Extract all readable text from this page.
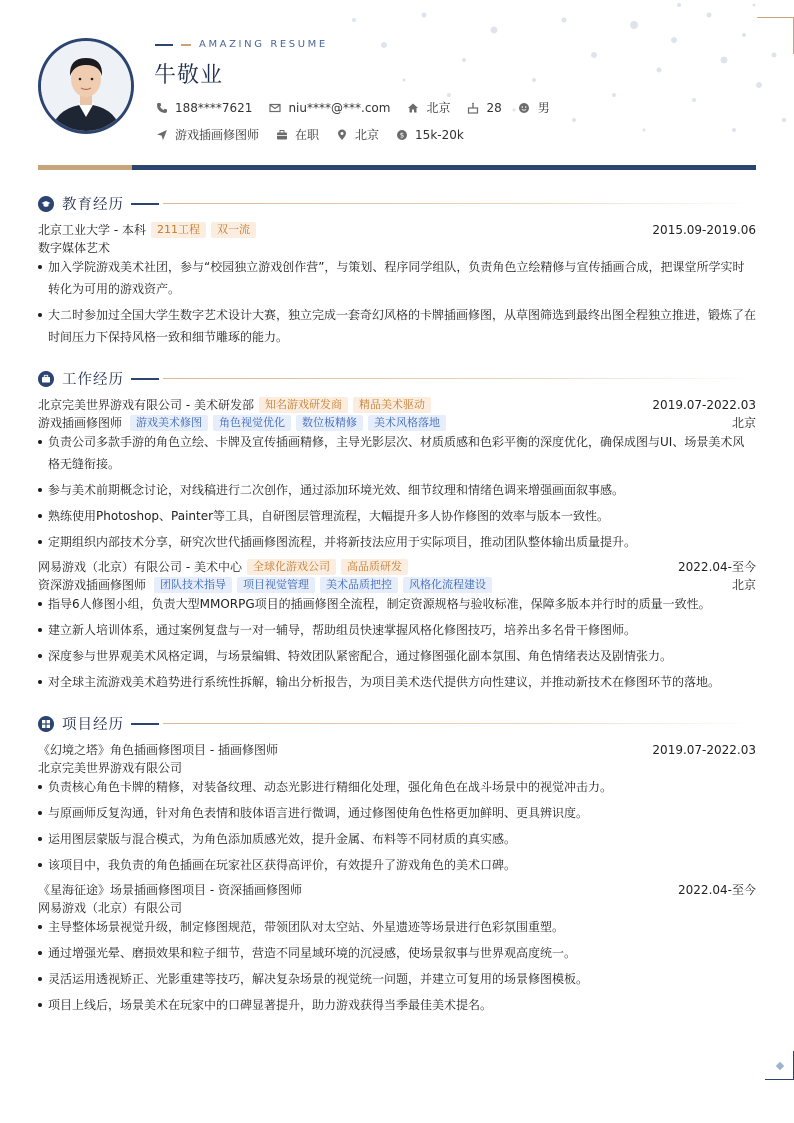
AMAZING RESUME
牛敬业
188****7621	niu****@***.com	北京	28	男
游戏插画修图师	在职	北京	$ 15k-20k
教育经历
北京工业大学 - 本科	211工程	双一流	2015.09-2019.06
数字媒体艺术
加入学院游戏美术社团，参与“校园独立游戏创作营”，与策划、程序同学组队，负责角色立绘精修与宣传插画合成，把课堂所学实时转化为可用的游戏资产。
大二时参加过全国大学生数字艺术设计大赛，独立完成一套奇幻风格的卡牌插画修图，从草图筛选到最终出图全程独立推进，锻炼了在时间压力下保持风格一致和细节雕琢的能力。
工作经历
北京完美世界游戏有限公司 - 美术研发部	知名游戏研发商	精品美术驱动	2019.07-2022.03
游戏插画修图师	游戏美术修图	角色视觉优化	数位板精修	美术风格落地	北京
负责公司多款手游的角色立绘、卡牌及宣传插画精修，主导光影层次、材质质感和色彩平衡的深度优化，确保成图与UI、场景美术风格无缝衔接。
参与美术前期概念讨论，对线稿进行二次创作，通过添加环境光效、细节纹理和情绪色调来增强画面叙事感。
熟练使用Photoshop、Painter等工具，自研图层管理流程，大幅提升多人协作修图的效率与版本一致性。
定期组织内部技术分享，研究次世代插画修图流程，并将新技法应用于实际项目，推动团队整体输出质量提升。
网易游戏（北京）有限公司 - 美术中心	全球化游戏公司	高品质研发	2022.04-至今
资深游戏插画修图师	团队技术指导	项目视觉管理	美术品质把控	风格化流程建设	北京
指导6人修图小组，负责大型MMORPG项目的插画修图全流程，制定资源规格与验收标准，保障多版本并行时的质量一致性。
建立新人培训体系，通过案例复盘与一对一辅导，帮助组员快速掌握风格化修图技巧，培养出多名骨干修图师。
深度参与世界观美术风格定调，与场景编辑、特效团队紧密配合，通过修图强化副本氛围、角色情绪表达及剧情张力。
对全球主流游戏美术趋势进行系统性拆解，输出分析报告，为项目美术迭代提供方向性建议，并推动新技术在修图环节的落地。
项目经历
《幻境之塔》角色插画修图项目 - 插画修图师	2019.07-2022.03
北京完美世界游戏有限公司
负责核心角色卡牌的精修，对装备纹理、动态光影进行精细化处理，强化角色在战斗场景中的视觉冲击力。
与原画师反复沟通，针对角色表情和肢体语言进行微调，通过修图使角色性格更加鲜明、更具辨识度。
运用图层蒙版与混合模式，为角色添加质感光效，提升金属、布料等不同材质的真实感。
该项目中，我负责的角色插画在玩家社区获得高评价，有效提升了游戏角色的美术口碑。
《星海征途》场景插画修图项目 - 资深插画修图师	2022.04-至今
网易游戏（北京）有限公司
主导整体场景视觉升级，制定修图规范，带领团队对太空站、外星遗迹等场景进行色彩氛围重塑。
通过增强光晕、磨损效果和粒子细节，营造不同星域环境的沉浸感，使场景叙事与世界观高度统一。
灵活运用透视矫正、光影重建等技巧，解决复杂场景的视觉统一问题，并建立可复用的场景修图模板。
项目上线后，场景美术在玩家中的口碑显著提升，助力游戏获得当季最佳美术提名。
